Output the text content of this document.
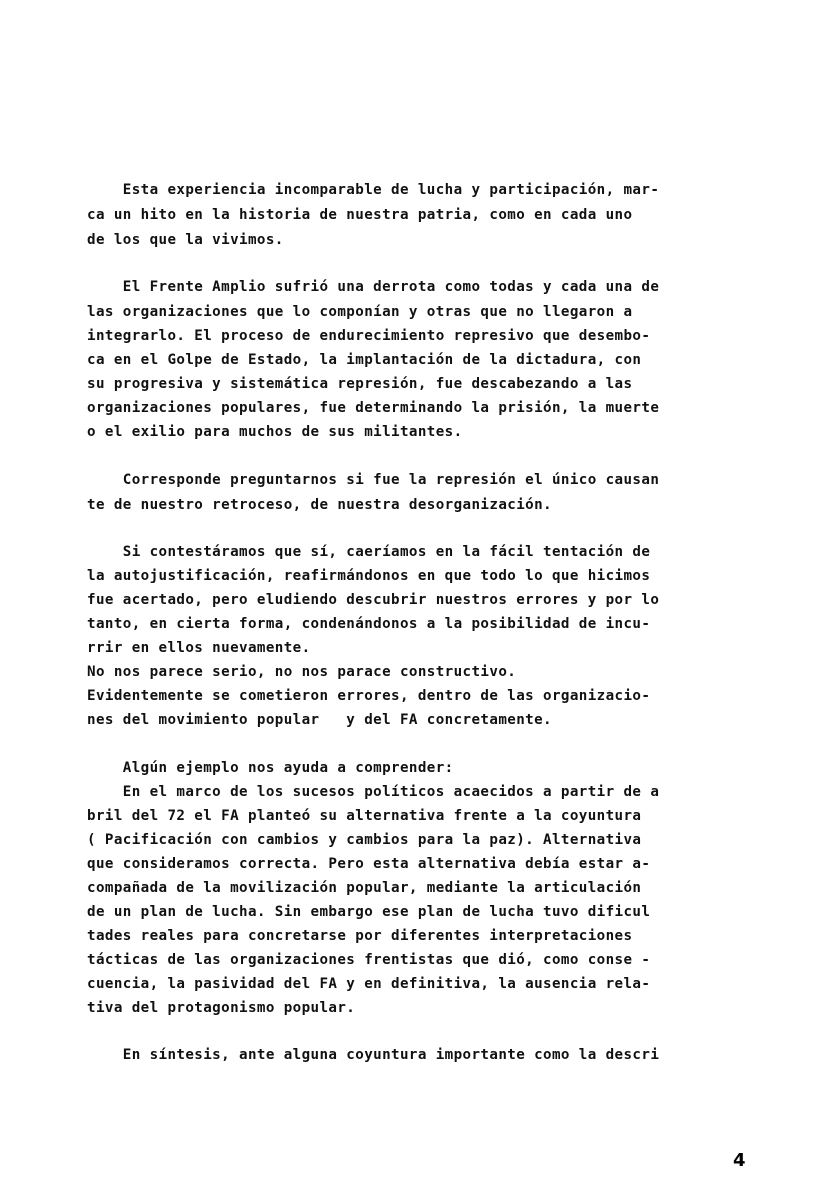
Esta experiencia incomparable de lucha y participación, mar-
ca un hito en la historia de nuestra patria, como en cada uno
de los que la vivimos.
El Frente Amplio sufrió una derrota como todas y cada una de
las organizaciones que lo componían y otras que no llegaron a
integrarlo. El proceso de endurecimiento represivo que desembo-
ca en el Golpe de Estado, la implantación de la dictadura, con
su progresiva y sistemática represión, fue descabezando a las
organizaciones populares, fue determinando la prisión, la muerte
o el exilio para muchos de sus militantes.
Corresponde preguntarnos si fue la represión el único causan
te de nuestro retroceso, de nuestra desorganización.
Si contestáramos que sí, caeríamos en la fácil tentación de
la autojustificación, reafirmándonos en que todo lo que hicimos
fue acertado, pero eludiendo descubrir nuestros errores y por lo
tanto, en cierta forma, condenándonos a la posibilidad de incu-
rrir en ellos nuevamente.
No nos parece serio, no nos parace constructivo.
Evidentemente se cometieron errores, dentro de las organizacio-
nes del movimiento popular   y del FA concretamente.
Algún ejemplo nos ayuda a comprender:
En el marco de los sucesos políticos acaecidos a partir de a
bril del 72 el FA planteó su alternativa frente a la coyuntura
( Pacificación con cambios y cambios para la paz). Alternativa
que consideramos correcta. Pero esta alternativa debía estar a-
compañada de la movilización popular, mediante la articulación
de un plan de lucha. Sin embargo ese plan de lucha tuvo dificul
tades reales para concretarse por diferentes interpretaciones
tácticas de las organizaciones frentistas que dió, como conse -
cuencia, la pasividad del FA y en definitiva, la ausencia rela-
tiva del protagonismo popular.
En síntesis, ante alguna coyuntura importante como la descri
4
